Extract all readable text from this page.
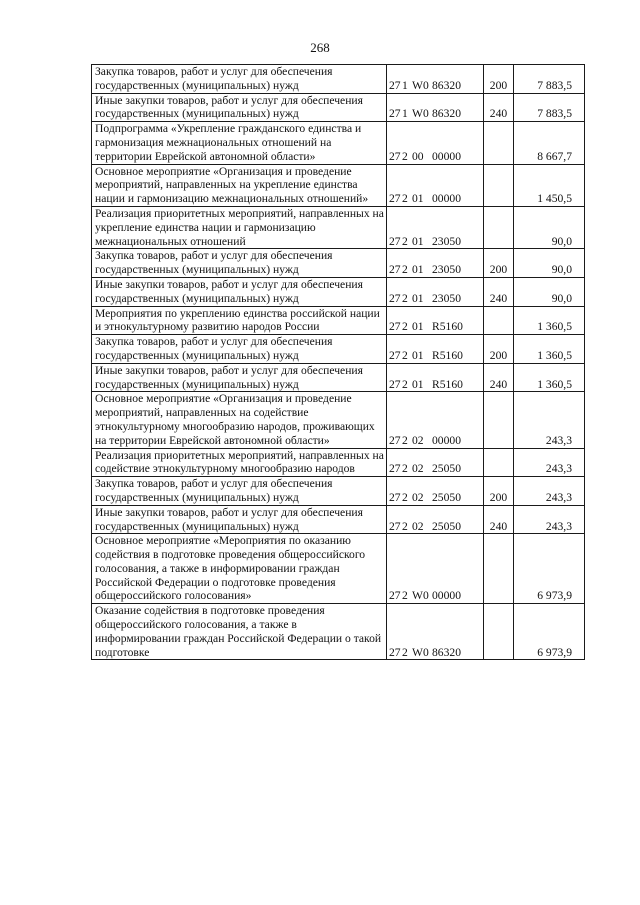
268
Закупка товаров, работ и услуг для обеспечения государственных (муниципальных) нужд	271 W0 86320	200	7 883,5
Иные закупки товаров, работ и услуг для обеспечения государственных (муниципальных) нужд	271 W0 86320	240	7 883,5
Подпрограмма «Укрепление гражданского единства и гармонизация межнациональных отношений на территории Еврейской автономной области»	272 00 00000		8 667,7
Основное мероприятие «Организация и проведение мероприятий, направленных на укрепление единства нации и гармонизацию межнациональных отношений»	272 01 00000		1 450,5
Реализация приоритетных мероприятий, направленных на укрепление единства нации и гармонизацию межнациональных отношений	272 01 23050		90,0
Закупка товаров, работ и услуг для обеспечения государственных (муниципальных) нужд	272 01 23050	200	90,0
Иные закупки товаров, работ и услуг для обеспечения государственных (муниципальных) нужд	272 01 23050	240	90,0
Мероприятия по укреплению единства российской нации и этнокультурному развитию народов России	272 01 R5160		1 360,5
Закупка товаров, работ и услуг для обеспечения государственных (муниципальных) нужд	272 01 R5160	200	1 360,5
Иные закупки товаров, работ и услуг для обеспечения государственных (муниципальных) нужд	272 01 R5160	240	1 360,5
Основное мероприятие «Организация и проведение мероприятий, направленных на содействие этнокультурному многообразию народов, проживающих на территории Еврейской автономной области»	272 02 00000		243,3
Реализация приоритетных мероприятий, направленных на содействие этнокультурному многообразию народов	272 02 25050		243,3
Закупка товаров, работ и услуг для обеспечения государственных (муниципальных) нужд	272 02 25050	200	243,3
Иные закупки товаров, работ и услуг для обеспечения государственных (муниципальных) нужд	272 02 25050	240	243,3
Основное мероприятие «Мероприятия по оказанию содействия в подготовке проведения общероссийского голосования, а также в информировании граждан Российской Федерации о подготовке проведения общероссийского голосования»	272 W0 00000		6 973,9
Оказание содействия в подготовке проведения общероссийского голосования, а также в информировании граждан Российской Федерации о такой подготовке	272 W0 86320		6 973,9
